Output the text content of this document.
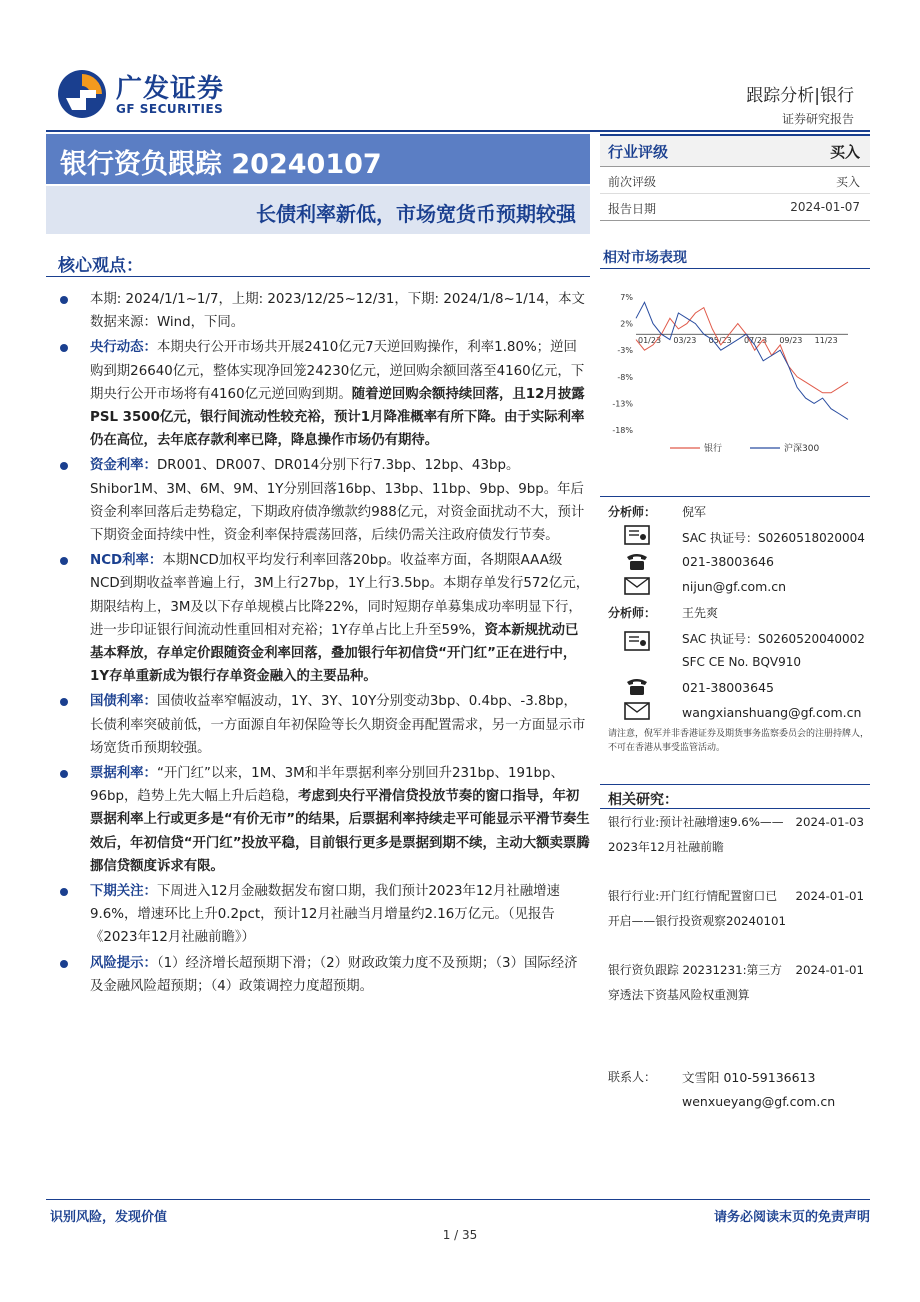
广发证券
GF SECURITIES
跟踪分析|银行
证券研究报告
银行资负跟踪 20240107
长债利率新低，市场宽货币预期较强
行业评级	买入
前次评级	买入
报告日期	2024-01-07
核心观点：
本期: 2024/1/1~1/7，上期: 2023/12/25~12/31，下期: 2024/1/8~1/14，本文数据来源：Wind，下同。
央行动态：本期央行公开市场共开展2410亿元7天逆回购操作，利率1.80%；逆回购到期26640亿元，整体实现净回笼24230亿元，逆回购余额回落至4160亿元，下期央行公开市场将有4160亿元逆回购到期。随着逆回购余额持续回落，且12月披露PSL 3500亿元，银行间流动性较充裕，预计1月降准概率有所下降。由于实际利率仍在高位，去年底存款利率已降，降息操作市场仍有期待。
资金利率：DR001、DR007、DR014分别下行7.3bp、12bp、43bp。Shibor1M、3M、6M、9M、1Y分别回落16bp、13bp、11bp、9bp、9bp。年后资金利率回落后走势稳定，下期政府债净缴款约988亿元，对资金面扰动不大，预计下期资金面持续中性，资金利率保持震荡回落，后续仍需关注政府债发行节奏。
NCD利率：本期NCD加权平均发行利率回落20bp。收益率方面，各期限AAA级NCD到期收益率普遍上行，3M上行27bp，1Y上行3.5bp。本期存单发行572亿元，期限结构上，3M及以下存单规模占比降22%，同时短期存单募集成功率明显下行，进一步印证银行间流动性重回相对充裕；1Y存单占比上升至59%，资本新规扰动已基本释放，存单定价跟随资金利率回落，叠加银行年初信贷“开门红”正在进行中，1Y存单重新成为银行存单资金融入的主要品种。
国债利率：国债收益率窄幅波动，1Y、3Y、10Y分别变动3bp、0.4bp、-3.8bp，长债利率突破前低，一方面源自年初保险等长久期资金再配置需求，另一方面显示市场宽货币预期较强。
票据利率：“开门红”以来，1M、3M和半年票据利率分别回升231bp、191bp、96bp，趋势上先大幅上升后趋稳，考虑到央行平滑信贷投放节奏的窗口指导，年初票据利率上行或更多是“有价无市”的结果，后票据利率持续走平可能显示平滑节奏生效后，年初信贷“开门红”投放平稳，目前银行更多是票据到期不续，主动大额卖票腾挪信贷额度诉求有限。
下期关注：下周进入12月金融数据发布窗口期，我们预计2023年12月社融增速9.6%，增速环比上升0.2pct，预计12月社融当月增量约2.16万亿元。（见报告《2023年12月社融前瞻》）
风险提示：（1）经济增长超预期下滑；（2）财政政策力度不及预期；（3）国际经济及金融风险超预期；（4）政策调控力度超预期。
相对市场表现
7%
2%
-3%
-8%
-13%
-18%
01/23 03/23 05/23 07/23 09/23 11/23
银行	沪深300
分析师： 倪军
SAC 执证号：S0260518020004
021-38003646
nijun@gf.com.cn
分析师： 王先爽
SAC 执证号：S0260520040002
SFC CE No. BQV910
021-38003645
wangxianshuang@gf.com.cn
请注意，倪军并非香港证券及期货事务监察委员会的注册持牌人，不可在香港从事受监管活动。
相关研究：
银行行业:预计社融增速9.6%——2023年12月社融前瞻
2024-01-03
银行行业:开门红行情配置窗口已开启——银行投资观察20240101
2024-01-01
银行资负跟踪 20231231:第三方穿透法下资基风险权重测算
2024-01-01
联系人： 文雪阳 010-59136613
wenxueyang@gf.com.cn
识别风险，发现价值	请务必阅读末页的免责声明
1 / 35
